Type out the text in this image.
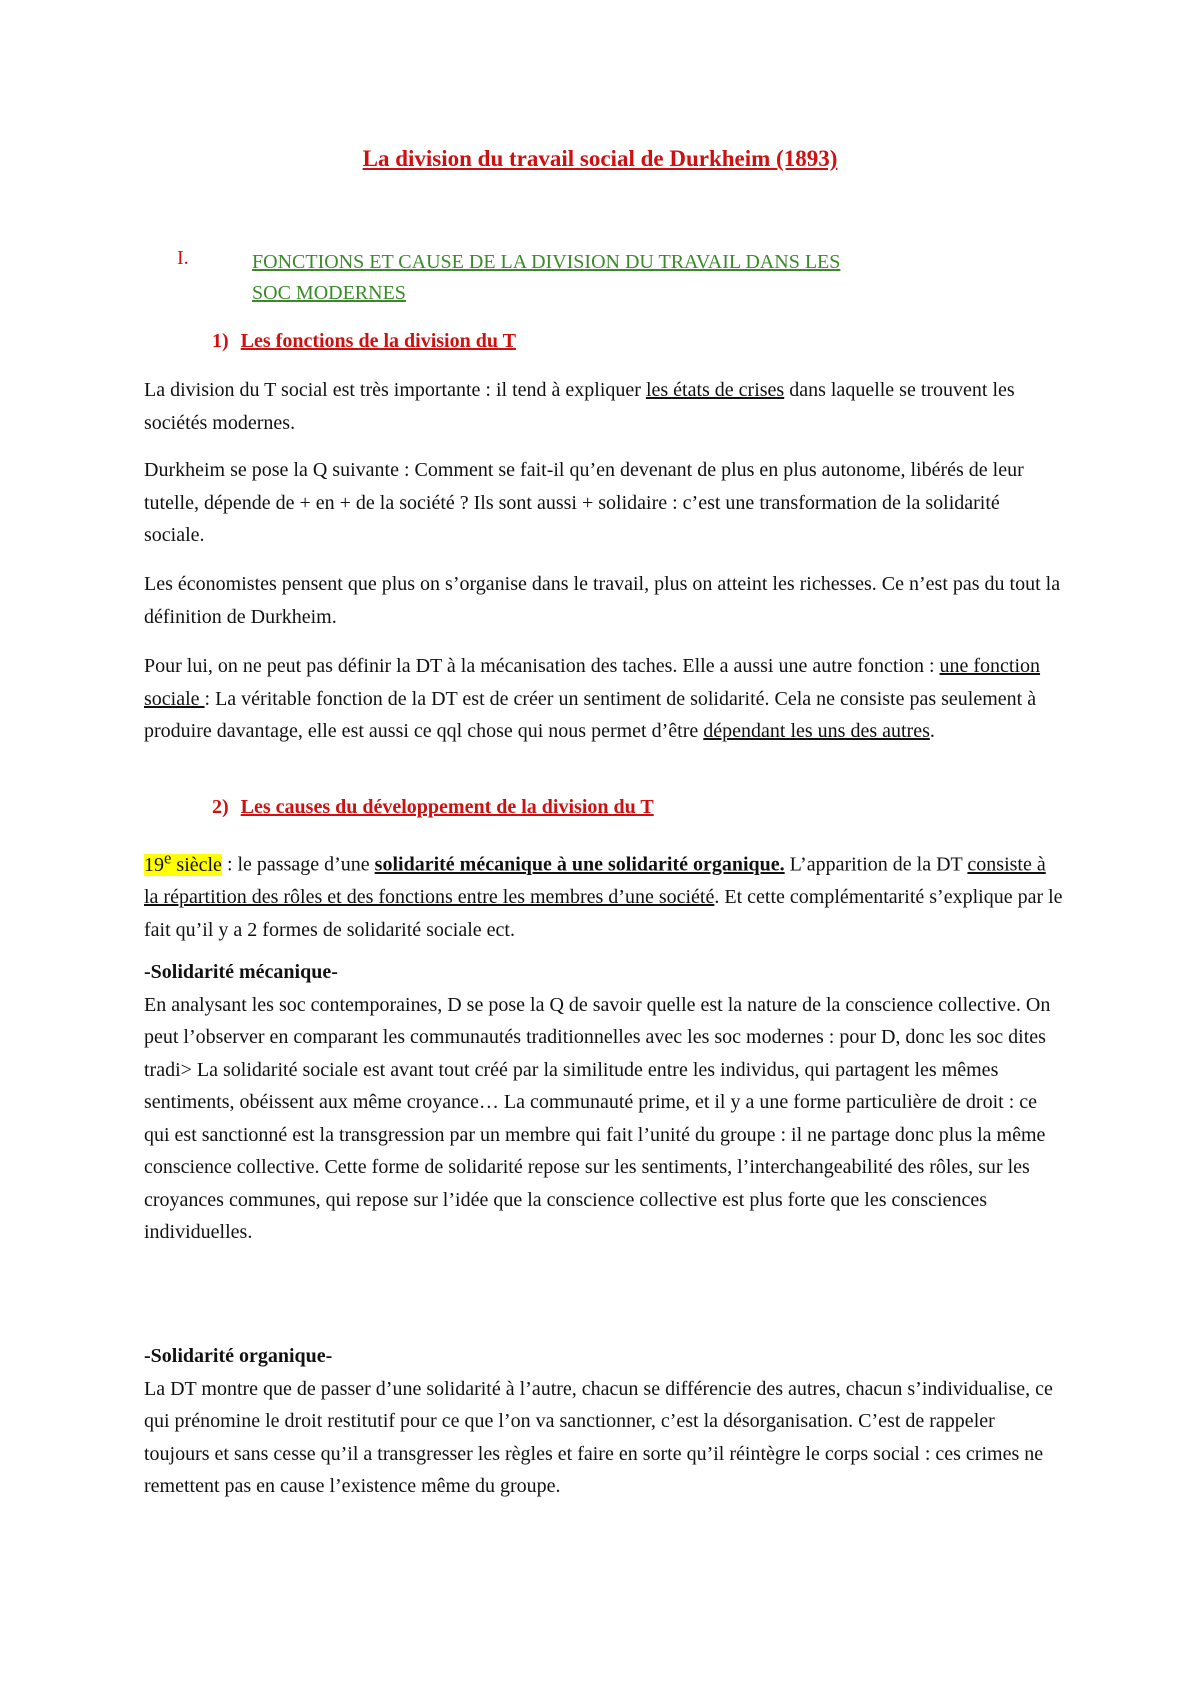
La division du travail social de Durkheim (1893)
I.	FONCTIONS ET CAUSE DE LA DIVISION DU TRAVAIL DANS LES
SOC MODERNES

1) Les fonctions de la division du T

La division du T social est très importante : il tend à expliquer les états de crises dans laquelle se trouvent les sociétés modernes.

Durkheim se pose la Q suivante : Comment se fait-il qu’en devenant de plus en plus autonome, libérés de leur tutelle, dépende de + en + de la société ? Ils sont aussi + solidaire : c’est une transformation de la solidarité sociale.

Les économistes pensent que plus on s’organise dans le travail, plus on atteint les richesses. Ce n’est pas du tout la définition de Durkheim.

Pour lui, on ne peut pas définir la DT à la mécanisation des taches. Elle a aussi une autre fonction : une fonction sociale : La véritable fonction de la DT est de créer un sentiment de solidarité. Cela ne consiste pas seulement à produire davantage, elle est aussi ce qql chose qui nous permet d’être dépendant les uns des autres.

2) Les causes du développement de la division du T

19e siècle : le passage d’une solidarité mécanique à une solidarité organique. L’apparition de la DT consiste à la répartition des rôles et des fonctions entre les membres d’une société. Et cette complémentarité s’explique par le fait qu’il y a 2 formes de solidarité sociale ect.

-Solidarité mécanique-
En analysant les soc contemporaines, D se pose la Q de savoir quelle est la nature de la conscience collective. On peut l’observer en comparant les communautés traditionnelles avec les soc modernes : pour D, donc les soc dites tradi> La solidarité sociale est avant tout créé par la similitude entre les individus, qui partagent les mêmes sentiments, obéissent aux même croyance… La communauté prime, et il y a une forme particulière de droit : ce qui est sanctionné est la transgression par un membre qui fait l’unité du groupe : il ne partage donc plus la même conscience collective. Cette forme de solidarité repose sur les sentiments, l’interchangeabilité des rôles, sur les croyances communes, qui repose sur l’idée que la conscience collective est plus forte que les consciences individuelles.

-Solidarité organique-
La DT montre que de passer d’une solidarité à l’autre, chacun se différencie des autres, chacun s’individualise, ce qui prénomine le droit restitutif pour ce que l’on va sanctionner, c’est la désorganisation. C’est de rappeler toujours et sans cesse qu’il a transgresser les règles et faire en sorte qu’il réintègre le corps social : ces crimes ne remettent pas en cause l’existence même du groupe.
